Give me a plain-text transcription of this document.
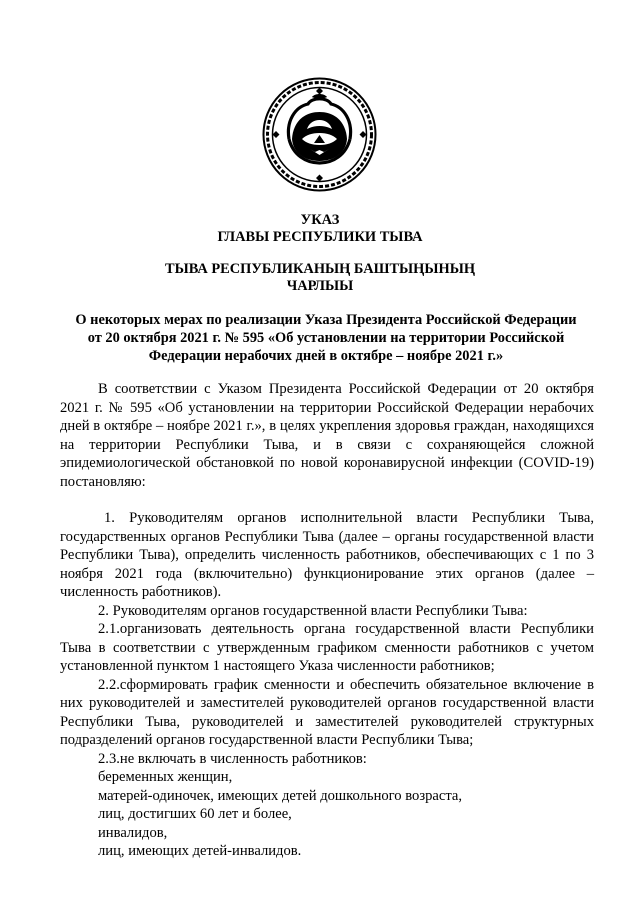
УКАЗ
ГЛАВЫ РЕСПУБЛИКИ ТЫВА
ТЫВА РЕСПУБЛИКАНЫҢ БАШТЫҢЫНЫҢ
ЧАРЛЫЫ
О некоторых мерах по реализации Указа Президента Российской Федерации
от 20 октября 2021 г. № 595 «Об установлении на территории Российской
Федерации нерабочих дней в октябре – ноябре 2021 г.»

В соответствии с Указом Президента Российской Федерации от 20 октября 2021 г. № 595 «Об установлении на территории Российской Федерации нерабочих дней в октябре – ноябре 2021 г.», в целях укрепления здоровья граждан, находящихся на территории Республики Тыва, и в связи с сохраняющейся сложной эпидемиологической обстановкой по новой коронавирусной инфекции (COVID-19) постановляю:

1. Руководителям органов исполнительной власти Республики Тыва, государственных органов Республики Тыва (далее – органы государственной власти Республики Тыва), определить численность работников, обеспечивающих с 1 по 3 ноября 2021 года (включительно) функционирование этих органов (далее – численность работников).

2. Руководителям органов государственной власти Республики Тыва:

2.1.организовать деятельность органа государственной власти Республики Тыва в соответствии с утвержденным графиком сменности работников с учетом установленной пунктом 1 настоящего Указа численности работников;

2.2.сформировать график сменности и обеспечить обязательное включение в них руководителей и заместителей руководителей органов государственной власти Республики Тыва, руководителей и заместителей руководителей структурных подразделений органов государственной власти Республики Тыва;

2.3.не включать в численность работников:

беременных женщин,

матерей-одиночек, имеющих детей дошкольного возраста,

лиц, достигших 60 лет и более,

инвалидов,

лиц, имеющих детей-инвалидов.
